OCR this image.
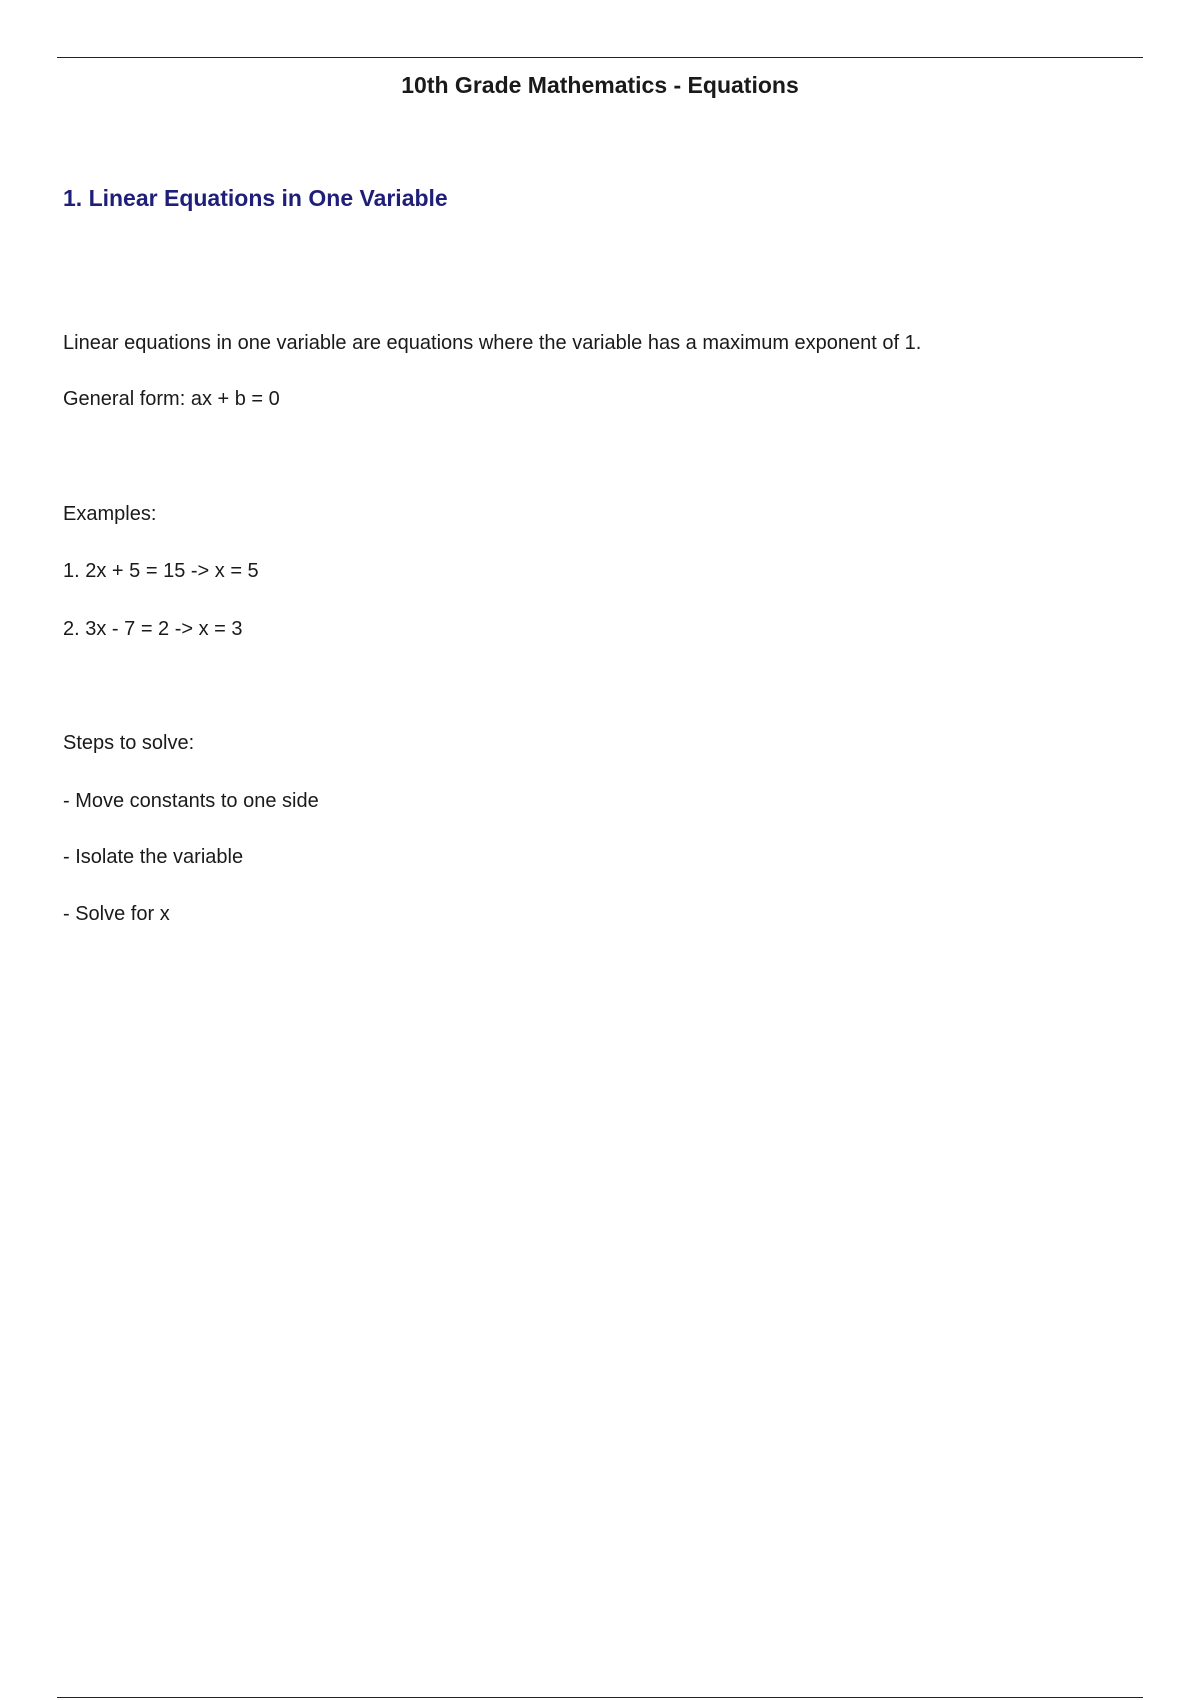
10th Grade Mathematics - Equations
1. Linear Equations in One Variable

Linear equations in one variable are equations where the variable has a maximum exponent of 1.

General form: ax + b = 0

Examples:

1. 2x + 5 = 15 -> x = 5

2. 3x - 7 = 2 -> x = 3

Steps to solve:

- Move constants to one side

- Isolate the variable

- Solve for x
